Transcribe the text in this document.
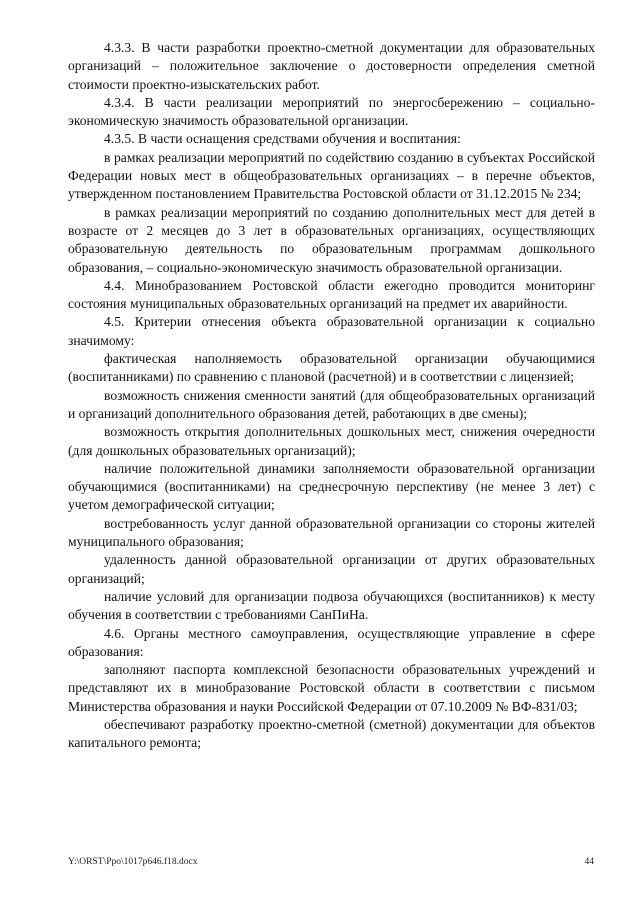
4.3.3. В части разработки проектно-сметной документации для образовательных организаций – положительное заключение о достоверности определения сметной стоимости проектно-изыскательских работ.

4.3.4. В части реализации мероприятий по энергосбережению – социально-экономическую значимость образовательной организации.

4.3.5. В части оснащения средствами обучения и воспитания:

в рамках реализации мероприятий по содействию созданию в субъектах Российской Федерации новых мест в общеобразовательных организациях – в перечне объектов, утвержденном постановлением Правительства Ростовской области от 31.12.2015 № 234;

в рамках реализации мероприятий по созданию дополнительных мест для детей в возрасте от 2 месяцев до 3 лет в образовательных организациях, осуществляющих образовательную деятельность по образовательным программам дошкольного образования, – социально-экономическую значимость образовательной организации.

4.4. Минобразованием Ростовской области ежегодно проводится мониторинг состояния муниципальных образовательных организаций на предмет их аварийности.

4.5. Критерии отнесения объекта образовательной организации к социально значимому:

фактическая наполняемость образовательной организации обучающимися (воспитанниками) по сравнению с плановой (расчетной) и в соответствии с лицензией;

возможность снижения сменности занятий (для общеобразовательных организаций и организаций дополнительного образования детей, работающих в две смены);

возможность открытия дополнительных дошкольных мест, снижения очередности (для дошкольных образовательных организаций);

наличие положительной динамики заполняемости образовательной организации обучающимися (воспитанниками) на среднесрочную перспективу (не менее 3 лет) с учетом демографической ситуации;

востребованность услуг данной образовательной организации со стороны жителей муниципального образования;

удаленность данной образовательной организации от других образовательных организаций;

наличие условий для организации подвоза обучающихся (воспитанников) к месту обучения в соответствии с требованиями СанПиНа.

4.6. Органы местного самоуправления, осуществляющие управление в сфере образования:

заполняют паспорта комплексной безопасности образовательных учреждений и представляют их в минобразование Ростовской области в соответствии с письмом Министерства образования и науки Российской Федерации от 07.10.2009 № ВФ-831/03;

обеспечивают разработку проектно-сметной (сметной) документации для объектов капитального ремонта;

Y:\ORST\Ppo\1017p646.f18.docx	44
